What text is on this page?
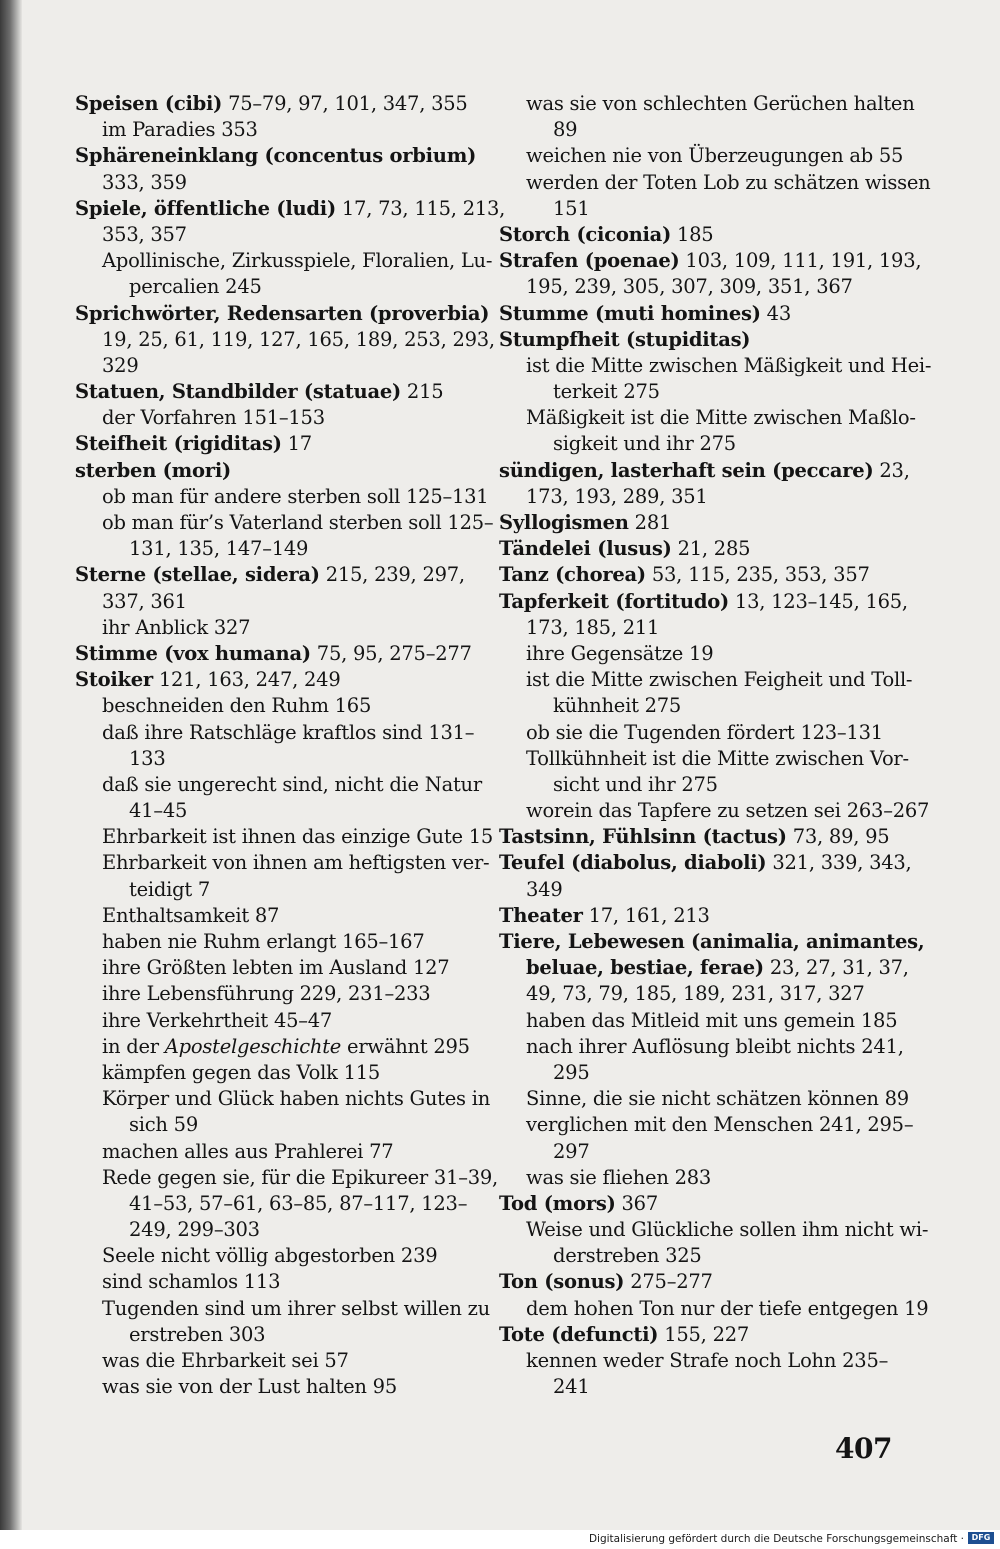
Speisen (cibi) 75–79, 97, 101, 347, 355
im Paradies 353
Sphäreneinklang (concentus orbium)
333, 359
Spiele, öffentliche (ludi) 17, 73, 115, 213,
353, 357
Apollinische, Zirkusspiele, Floralien, Lu-
percalien 245
Sprichwörter, Redensarten (proverbia)
19, 25, 61, 119, 127, 165, 189, 253, 293,
329
Statuen, Standbilder (statuae) 215
der Vorfahren 151–153
Steifheit (rigiditas) 17
sterben (mori)
ob man für andere sterben soll 125–131
ob man für’s Vaterland sterben soll 125–
131, 135, 147–149
Sterne (stellae, sidera) 215, 239, 297,
337, 361
ihr Anblick 327
Stimme (vox humana) 75, 95, 275–277
Stoiker 121, 163, 247, 249
beschneiden den Ruhm 165
daß ihre Ratschläge kraftlos sind 131–
133
daß sie ungerecht sind, nicht die Natur
41–45
Ehrbarkeit ist ihnen das einzige Gute 15
Ehrbarkeit von ihnen am heftigsten ver-
teidigt 7
Enthaltsamkeit 87
haben nie Ruhm erlangt 165–167
ihre Größten lebten im Ausland 127
ihre Lebensführung 229, 231–233
ihre Verkehrtheit 45–47
in der Apostelgeschichte erwähnt 295
kämpfen gegen das Volk 115
Körper und Glück haben nichts Gutes in
sich 59
machen alles aus Prahlerei 77
Rede gegen sie, für die Epikureer 31–39,
41–53, 57–61, 63–85, 87–117, 123–
249, 299–303
Seele nicht völlig abgestorben 239
sind schamlos 113
Tugenden sind um ihrer selbst willen zu
erstreben 303
was die Ehrbarkeit sei 57
was sie von der Lust halten 95
was sie von schlechten Gerüchen halten
89
weichen nie von Überzeugungen ab 55
werden der Toten Lob zu schätzen wissen
151
Storch (ciconia) 185
Strafen (poenae) 103, 109, 111, 191, 193,
195, 239, 305, 307, 309, 351, 367
Stumme (muti homines) 43
Stumpfheit (stupiditas)
ist die Mitte zwischen Mäßigkeit und Hei-
terkeit 275
Mäßigkeit ist die Mitte zwischen Maßlo-
sigkeit und ihr 275
sündigen, lasterhaft sein (peccare) 23,
173, 193, 289, 351
Syllogismen 281
Tändelei (lusus) 21, 285
Tanz (chorea) 53, 115, 235, 353, 357
Tapferkeit (fortitudo) 13, 123–145, 165,
173, 185, 211
ihre Gegensätze 19
ist die Mitte zwischen Feigheit und Toll-
kühnheit 275
ob sie die Tugenden fördert 123–131
Tollkühnheit ist die Mitte zwischen Vor-
sicht und ihr 275
worein das Tapfere zu setzen sei 263–267
Tastsinn, Fühlsinn (tactus) 73, 89, 95
Teufel (diabolus, diaboli) 321, 339, 343,
349
Theater 17, 161, 213
Tiere, Lebewesen (animalia, animantes,
beluae, bestiae, ferae) 23, 27, 31, 37,
49, 73, 79, 185, 189, 231, 317, 327
haben das Mitleid mit uns gemein 185
nach ihrer Auflösung bleibt nichts 241,
295
Sinne, die sie nicht schätzen können 89
verglichen mit den Menschen 241, 295–
297
was sie fliehen 283
Tod (mors) 367
Weise und Glückliche sollen ihm nicht wi-
derstreben 325
Ton (sonus) 275–277
dem hohen Ton nur der tiefe entgegen 19
Tote (defuncti) 155, 227
kennen weder Strafe noch Lohn 235–
241
407
Digitalisierung gefördert durch die Deutsche Forschungsgemeinschaft · DFG
